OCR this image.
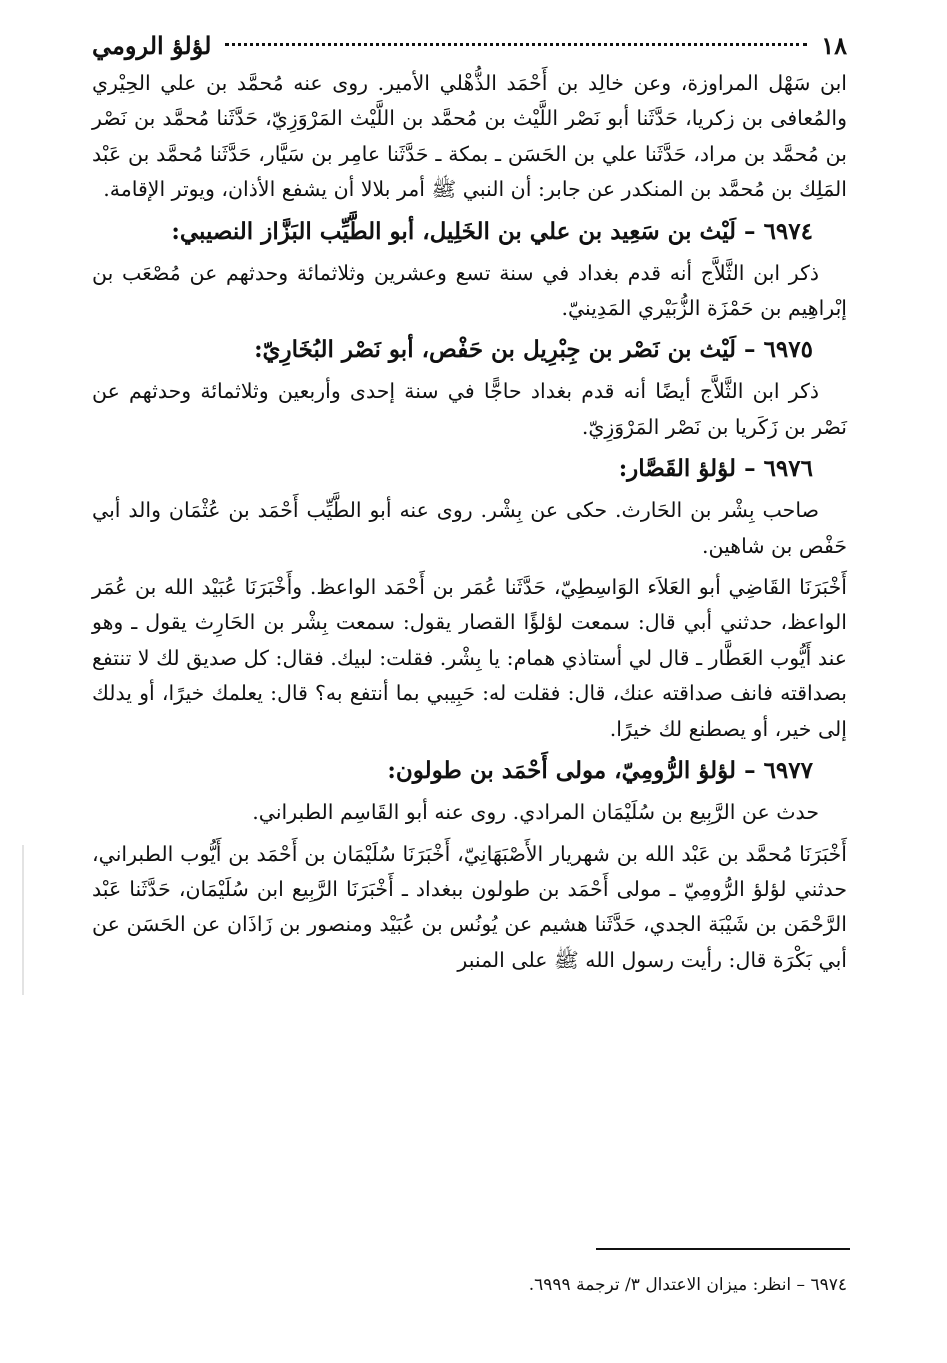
١٨
لؤلؤ الرومي

ابن سَهْل المراوزة، وعن خالِد بن أَحْمَد الذُّهْلي الأمير. روى عنه مُحمَّد بن علي الحِيْري والمُعافى بن زكريا، حَدَّثَنا أبو نَصْر اللَّيْث بن مُحمَّد بن اللَّيْث المَرْوَزِيّ، حَدَّثَنا مُحمَّد بن نَصْر بن مُحمَّد بن مراد، حَدَّثَنا علي بن الحَسَن ـ بمكة ـ حَدَّثَنا عامِر بن سَيَّار، حَدَّثَنا مُحمَّد بن عَبْد المَلِك بن مُحمَّد بن المنكدر عن جابر: أن النبي ﷺ أمر بلالا أن يشفع الأذان، ويوتر الإقامة.

٦٩٧٤ – لَيْث بن سَعِيد بن علي بن الخَلِيل، أبو الطَّيِّب البَزَّاز النصيبي:

ذكر ابن الثَّلاَّج أنه قدم بغداد في سنة تسع وعشرين وثلاثمائة وحدثهم عن مُصْعَب بن إبْراهِيم بن حَمْزَة الزُّبَيْري المَدِينيّ.

٦٩٧٥ – لَيْث بن نَصْر بن جِبْرِيل بن حَفْص، أبو نَصْر البُخَارِيّ:

ذكر ابن الثَّلاَّج أيضًا أنه قدم بغداد حاجًّا في سنة إحدى وأربعين وثلاثمائة وحدثهم عن نَصْر بن زَكَريا بن نَصْر المَرْوَزِيّ.

٦٩٧٦ – لؤلؤ القَصَّار:

صاحب بِشْر بن الحَارث. حكى عن بِشْر. روى عنه أبو الطَّيِّب أَحْمَد بن عُثْمَان والد أبي حَفْص بن شاهين.

أَخْبَرَنَا القَاضِي أبو العَلاَء الوَاسِطِيّ، حَدَّثَنا عُمَر بن أَحْمَد الواعظ. وأَخْبَرَنَا عُبَيْد الله بن عُمَر الواعظ، حدثني أبي قال: سمعت لؤلؤًا القصار يقول: سمعت بِشْر بن الحَارِث يقول ـ وهو عند أَيُّوب العَطَّار ـ قال لي أستاذي همام: يا بِشْر. فقلت: لبيك. فقال: كل صديق لك لا تنتفع بصداقته فانف صداقته عنك، قال: فقلت له: حَبِيبي بما أنتفع به؟ قال: يعلمك خيرًا، أو يدلك إلى خير، أو يصطنع لك خيرًا.

٦٩٧٧ – لؤلؤ الرُّومِيّ، مولى أَحْمَد بن طولون:

حدث عن الرَّبِيع بن سُلَيْمَان المرادي. روى عنه أبو القَاسِم الطبراني.

أَخْبَرَنَا مُحمَّد بن عَبْد الله بن شهريار الأَصْبَهَانِيّ، أَخْبَرَنَا سُلَيْمَان بن أَحْمَد بن أَيُّوب الطبراني، حدثني لؤلؤ الرُّومِيّ ـ مولى أَحْمَد بن طولون ببغداد ـ أَخْبَرَنَا الرَّبِيع ابن سُلَيْمَان، حَدَّثَنا عَبْد الرَّحْمَن بن شَيْبَة الجدي، حَدَّثَنا هشيم عن يُونُس بن عُبَيْد ومنصور بن زَاذَان عن الحَسَن عن أبي بَكْرَة قال: رأيت رسول الله ﷺ على المنبر

٦٩٧٤ – انظر: ميزان الاعتدال ٣/ ترجمة ٦٩٩٩.
